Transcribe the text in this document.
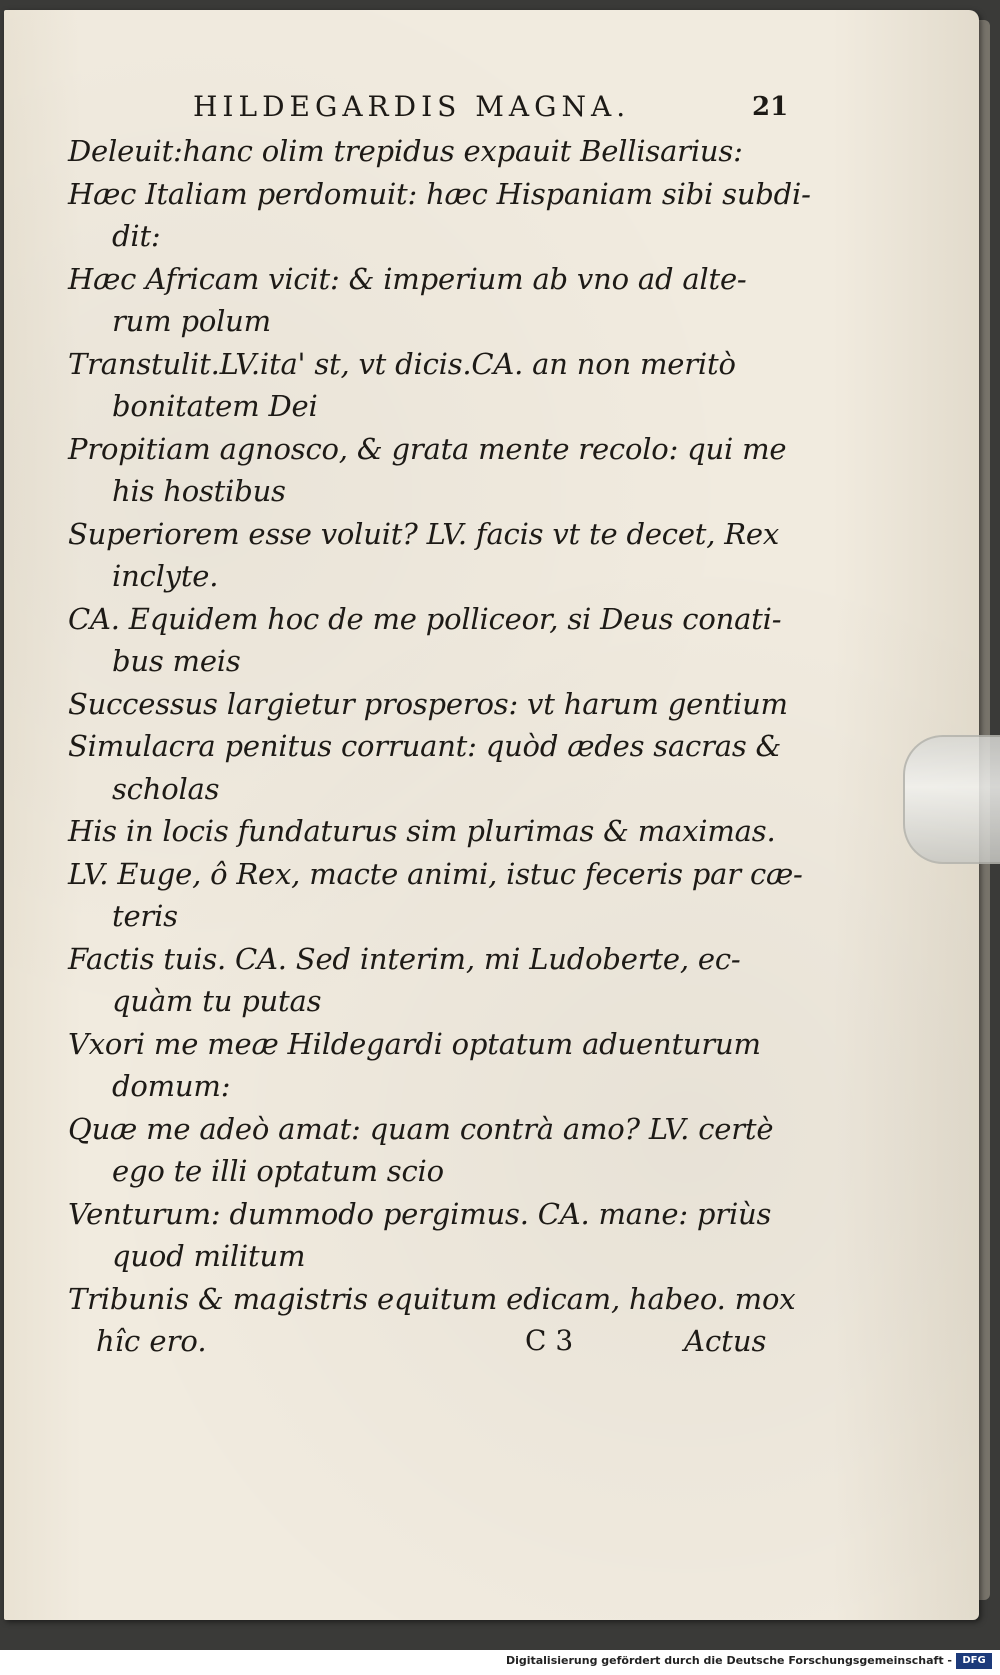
HILDEGARDIS MAGNA.	21
Deleuit:hanc olim trepidus expauit Bellisarius:
Hæc Italiam perdomuit: hæc Hispaniam sibi subdi-
dit:
Hæc Africam vicit: & imperium ab vno ad alte-
rum polum
Transtulit.LV.ita' st, vt dicis.CA. an non meritò
bonitatem Dei
Propitiam agnosco, & grata mente recolo: qui me
his hostibus
Superiorem esse voluit? LV. facis vt te decet, Rex
inclyte.
CA. Equidem hoc de me polliceor, si Deus conati-
bus meis
Successus largietur prosperos: vt harum gentium
Simulacra penitus corruant: quòd ædes sacras &
scholas
His in locis fundaturus sim plurimas & maximas.
LV. Euge, ô Rex, macte animi, istuc feceris par cæ-
teris
Factis tuis. CA. Sed interim, mi Ludoberte, ec-
quàm tu putas
Vxori me meæ Hildegardi optatum aduenturum
domum:
Quæ me adeò amat: quam contrà amo? LV. certè
ego te illi optatum scio
Venturum: dummodo pergimus. CA. mane: priùs
quod militum
Tribunis & magistris equitum edicam, habeo. mox
hîc ero.	C 3	Actus
Digitalisierung gefördert durch die Deutsche Forschungsgemeinschaft -	DFG
